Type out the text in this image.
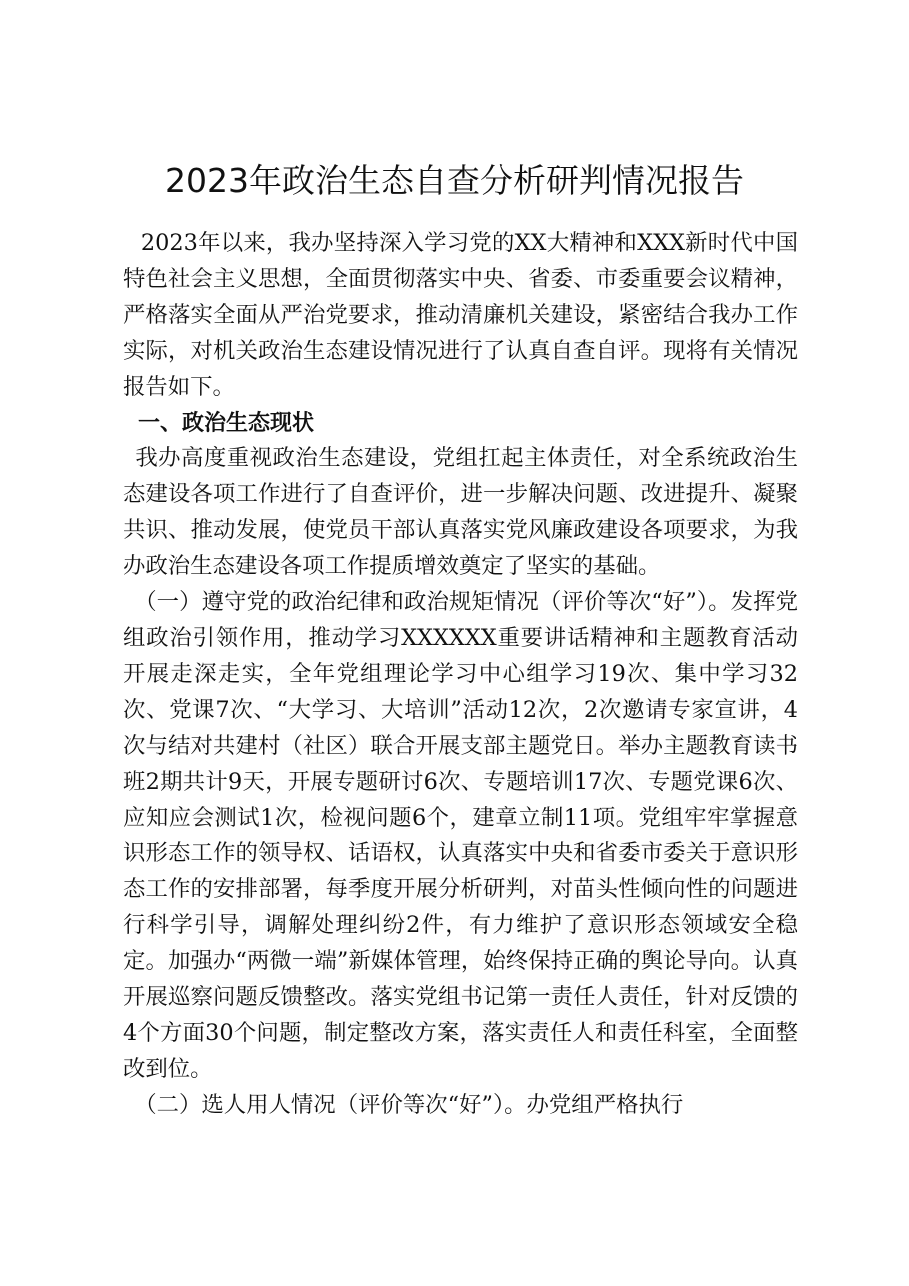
2023年政治生态自查分析研判情况报告

2023年以来，我办坚持深入学习党的XX大精神和XXX新时代中国特色社会主义思想，全面贯彻落实中央、省委、市委重要会议精神，严格落实全面从严治党要求，推动清廉机关建设，紧密结合我办工作实际，对机关政治生态建设情况进行了认真自查自评。现将有关情况报告如下。

一、政治生态现状

我办高度重视政治生态建设，党组扛起主体责任，对全系统政治生态建设各项工作进行了自查评价，进一步解决问题、改进提升、凝聚共识、推动发展，使党员干部认真落实党风廉政建设各项要求，为我办政治生态建设各项工作提质增效奠定了坚实的基础。

（一）遵守党的政治纪律和政治规矩情况（评价等次“好”）。发挥党组政治引领作用，推动学习XXXXXX重要讲话精神和主题教育活动开展走深走实，全年党组理论学习中心组学习19次、集中学习32次、党课7次、“大学习、大培训”活动12次，2次邀请专家宣讲，4次与结对共建村（社区）联合开展支部主题党日。举办主题教育读书班2期共计9天，开展专题研讨6次、专题培训17次、专题党课6次、应知应会测试1次，检视问题6个，建章立制11项。党组牢牢掌握意识形态工作的领导权、话语权，认真落实中央和省委市委关于意识形态工作的安排部署，每季度开展分析研判，对苗头性倾向性的问题进行科学引导，调解处理纠纷2件，有力维护了意识形态领域安全稳定。加强办“两微一端”新媒体管理，始终保持正确的舆论导向。认真开展巡察问题反馈整改。落实党组书记第一责任人责任，针对反馈的4个方面30个问题，制定整改方案，落实责任人和责任科室，全面整改到位。

（二）选人用人情况（评价等次“好”）。办党组严格执行
